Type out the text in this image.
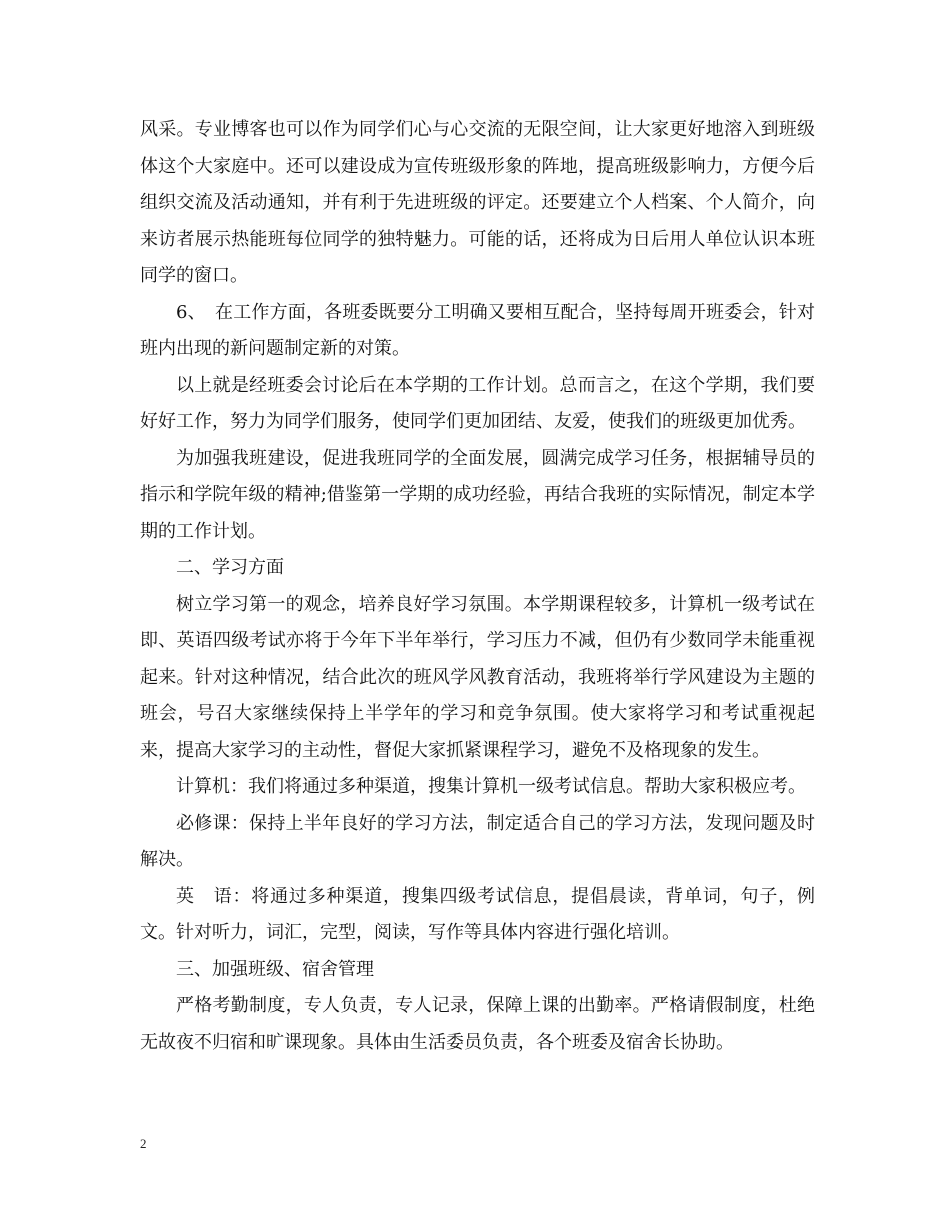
风采。专业博客也可以作为同学们心与心交流的无限空间，让大家更好地溶入到班级体这个大家庭中。还可以建设成为宣传班级形象的阵地，提高班级影响力，方便今后组织交流及活动通知，并有利于先进班级的评定。还要建立个人档案、个人简介，向来访者展示热能班每位同学的独特魅力。可能的话，还将成为日后用人单位认识本班同学的窗口。

6、　在工作方面，各班委既要分工明确又要相互配合，坚持每周开班委会，针对班内出现的新问题制定新的对策。

以上就是经班委会讨论后在本学期的工作计划。总而言之，在这个学期，我们要好好工作，努力为同学们服务，使同学们更加团结、友爱，使我们的班级更加优秀。

为加强我班建设，促进我班同学的全面发展，圆满完成学习任务，根据辅导员的指示和学院年级的精神;借鉴第一学期的成功经验，再结合我班的实际情况，制定本学期的工作计划。

二、学习方面

树立学习第一的观念，培养良好学习氛围。本学期课程较多，计算机一级考试在即、英语四级考试亦将于今年下半年举行，学习压力不减，但仍有少数同学未能重视起来。针对这种情况，结合此次的班风学风教育活动，我班将举行学风建设为主题的班会，号召大家继续保持上半学年的学习和竞争氛围。使大家将学习和考试重视起来，提高大家学习的主动性，督促大家抓紧课程学习，避免不及格现象的发生。

计算机：我们将通过多种渠道，搜集计算机一级考试信息。帮助大家积极应考。

必修课：保持上半年良好的学习方法，制定适合自己的学习方法，发现问题及时解决。

英　语：将通过多种渠道，搜集四级考试信息，提倡晨读，背单词，句子，例文。针对听力，词汇，完型，阅读，写作等具体内容进行强化培训。

三、加强班级、宿舍管理

严格考勤制度，专人负责，专人记录，保障上课的出勤率。严格请假制度，杜绝无故夜不归宿和旷课现象。具体由生活委员负责，各个班委及宿舍长协助。

2
